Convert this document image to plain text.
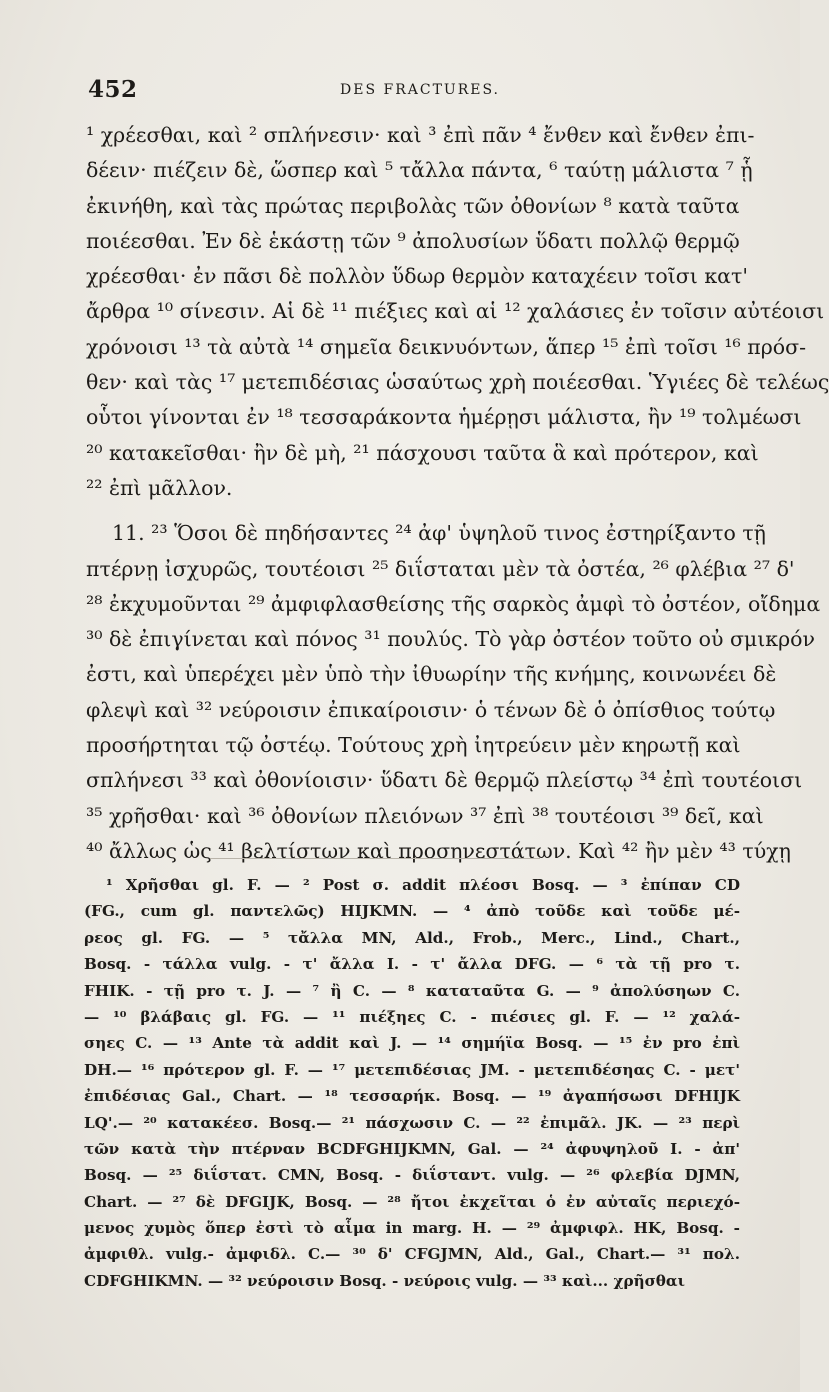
452	DES FRACTURES.
¹ χρέεσθαι, καὶ ² σπλήνεσιν· καὶ ³ ἐπὶ πᾶν ⁴ ἔνθεν καὶ ἔνθεν ἐπι-
δέειν· πιέζειν δὲ, ὥσπερ καὶ ⁵ τἄλλα πάντα, ⁶ ταύτῃ μάλιστα ⁷ ᾗ
ἐκινήθη, καὶ τὰς πρώτας περιβολὰς τῶν ὀθονίων ⁸ κατὰ ταῦτα
ποιέεσθαι. Ἐν δὲ ἑκάστῃ τῶν ⁹ ἀπολυσίων ὕδατι πολλῷ θερμῷ
χρέεσθαι· ἐν πᾶσι δὲ πολλὸν ὕδωρ θερμὸν καταχέειν τοῖσι κατ'
ἄρθρα ¹⁰ σίνεσιν. Αἱ δὲ ¹¹ πιέξιες καὶ αἱ ¹² χαλάσιες ἐν τοῖσιν αὐτέοισι
χρόνοισι ¹³ τὰ αὐτὰ ¹⁴ σημεῖα δεικνυόντων, ἅπερ ¹⁵ ἐπὶ τοῖσι ¹⁶ πρόσ-
θεν· καὶ τὰς ¹⁷ μετεπιδέσιας ὡσαύτως χρὴ ποιέεσθαι. Ὑγιέες δὲ τελέως
οὗτοι γίνονται ἐν ¹⁸ τεσσαράκοντα ἡμέρῃσι μάλιστα, ἢν ¹⁹ τολμέωσι
²⁰ κατακεῖσθαι· ἢν δὲ μὴ, ²¹ πάσχουσι ταῦτα ἃ καὶ πρότερον, καὶ
²² ἐπὶ μᾶλλον.
11. ²³ Ὅσοι δὲ πηδήσαντες ²⁴ ἀφ' ὑψηλοῦ τινος ἐστηρίξαντο τῇ
πτέρνῃ ἰσχυρῶς, τουτέοισι ²⁵ διΐσταται μὲν τὰ ὀστέα, ²⁶ φλέβια ²⁷ δ'
²⁸ ἐκχυμοῦνται ²⁹ ἀμφιφλασθείσης τῆς σαρκὸς ἀμφὶ τὸ ὀστέον, οἴδημα
³⁰ δὲ ἐπιγίνεται καὶ πόνος ³¹ πουλύς. Τὸ γὰρ ὀστέον τοῦτο οὐ σμικρόν
ἐστι, καὶ ὑπερέχει μὲν ὑπὸ τὴν ἰθυωρίην τῆς κνήμης, κοινωνέει δὲ
φλεψὶ καὶ ³² νεύροισιν ἐπικαίροισιν· ὁ τένων δὲ ὁ ὀπίσθιος τούτῳ
προσήρτηται τῷ ὀστέῳ. Τούτους χρὴ ἰητρεύειν μὲν κηρωτῇ καὶ
σπλήνεσι ³³ καὶ ὀθονίοισιν· ὕδατι δὲ θερμῷ πλείστῳ ³⁴ ἐπὶ τουτέοισι
³⁵ χρῆσθαι· καὶ ³⁶ ὀθονίων πλειόνων ³⁷ ἐπὶ ³⁸ τουτέοισι ³⁹ δεῖ, καὶ
⁴⁰ ἄλλως ὡς ⁴¹ βελτίστων καὶ προσηνεστάτων. Καὶ ⁴² ἢν μὲν ⁴³ τύχῃ
¹ Χρῆσθαι gl. F. — ² Post σ. addit πλέοσι Bosq. — ³ ἐπίπαν CD
(FG., cum gl. παντελῶς) HIJKMN. — ⁴ ἀπὸ τοῦδε καὶ τοῦδε μέ-
ρεος gl. FG. — ⁵ τἄλλα MN, Ald., Frob., Merc., Lind., Chart.,
Bosq. - τάλλα vulg. - τ' ἄλλα I. - τ' ἄλλα DFG. — ⁶ τὰ τῇ pro τ.
FHIK. - τῇ pro τ. J. — ⁷ ἢ C. — ⁸ καταταῦτα G. — ⁹ ἀπολύσηων C.
— ¹⁰ βλάβαις gl. FG. — ¹¹ πιέξηες C. - πιέσιες gl. F. — ¹² χαλά-
σηες C. — ¹³ Ante τὰ addit καὶ J. — ¹⁴ σημήϊα Bosq. — ¹⁵ ἐν pro ἐπὶ
DH.— ¹⁶ πρότερον gl. F. — ¹⁷ μετεπιδέσιας JM. - μετεπιδέσηας C. - μετ'
ἐπιδέσιας Gal., Chart. — ¹⁸ τεσσαρήκ. Bosq. — ¹⁹ ἀγαπήσωσι DFHIJK
LQ'.— ²⁰ κατακέεσ. Bosq.— ²¹ πάσχωσιν C. — ²² ἐπιμᾶλ. JK. — ²³ περὶ
τῶν κατὰ τὴν πτέρναν BCDFGHIJKMN, Gal. — ²⁴ ἀφυψηλοῦ I. - ἀπ'
Bosq. — ²⁵ διΐστατ. CMN, Bosq. - διΐσταντ. vulg. — ²⁶ φλεβία DJMN,
Chart. — ²⁷ δὲ DFGIJK, Bosq. — ²⁸ ἤτοι ἐκχεῖται ὁ ἐν αὐταῖς περιεχό-
μενος χυμὸς ὅπερ ἐστὶ τὸ αἷμα in marg. H. — ²⁹ ἀμφιφλ. HK, Bosq. -
ἀμφιθλ. vulg.- ἀμφιδλ. C.— ³⁰ δ' CFGJMN, Ald., Gal., Chart.— ³¹ πολ.
CDFGHIKMN. — ³² νεύροισιν Bosq. - νεύροις vulg. — ³³ καὶ... χρῆσθαι
